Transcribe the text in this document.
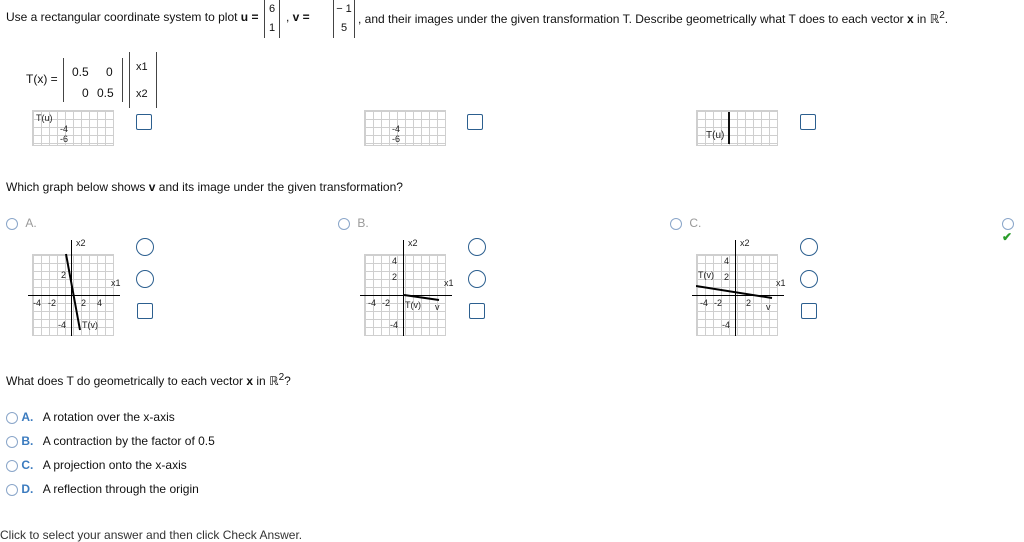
Use a rectangular coordinate system to plot u =
6
1
, v =
− 1
5
, and their images under the given transformation T. Describe geometrically what T does to each vector x in ℝ$^2$.
T(x) = 0.5 0
0 0.5
x1
x2
T(u)
-4
-6
-4
-6	T(u)
Which graph below shows v and its image under the given transformation?
A.
x2
x1
-4 -2	2 4
2
-4 T(v)
B.
x2
x1
4
2
-4 -2
-4
T(v) v
C.
x2
x1
4
2
-4 -2	2
-4
T(v)
v
✔
What does T do geometrically to each vector x in ℝ$^2$?
A. A rotation over the x-axis
B. A contraction by the factor of 0.5
C. A projection onto the x-axis
D. A reflection through the origin
Click to select your answer and then click Check Answer.
